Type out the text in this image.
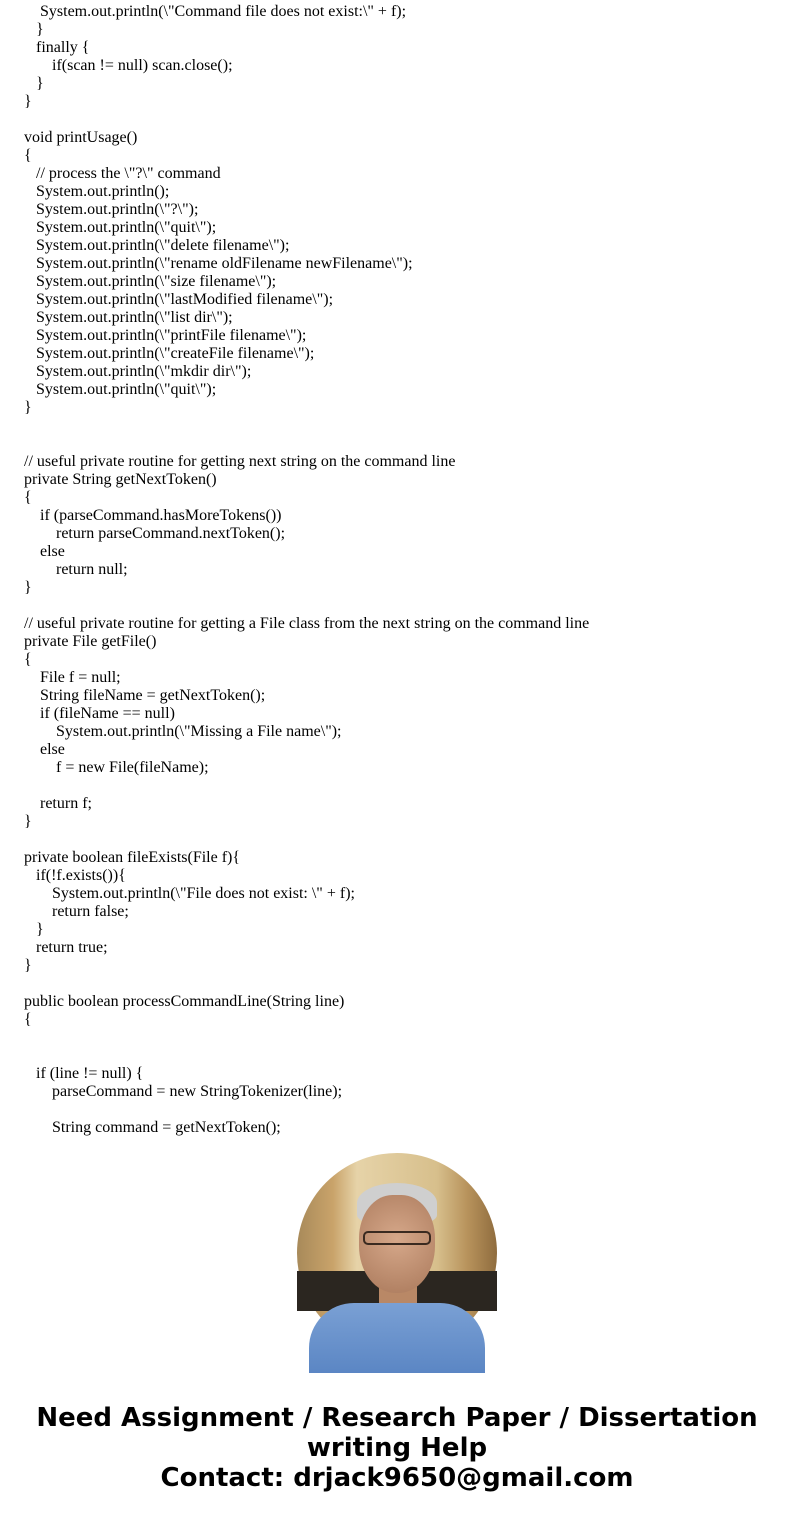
System.out.println(\"Command file does not exist:\" + f);
}
finally {
if(scan != null) scan.close();
}
}
void printUsage()
{
// process the \"?\" command
System.out.println();
System.out.println(\"?\");
System.out.println(\"quit\");
System.out.println(\"delete filename\");
System.out.println(\"rename oldFilename newFilename\");
System.out.println(\"size filename\");
System.out.println(\"lastModified filename\");
System.out.println(\"list dir\");
System.out.println(\"printFile filename\");
System.out.println(\"createFile filename\");
System.out.println(\"mkdir dir\");
System.out.println(\"quit\");
}
// useful private routine for getting next string on the command line
private String getNextToken()
{
if (parseCommand.hasMoreTokens())
return parseCommand.nextToken();
else
return null;
}
// useful private routine for getting a File class from the next string on the command line
private File getFile()
{
File f = null;
String fileName = getNextToken();
if (fileName == null)
System.out.println(\"Missing a File name\");
else
f = new File(fileName);
return f;
}
private boolean fileExists(File f){
if(!f.exists()){
System.out.println(\"File does not exist: \" + f);
return false;
}
return true;
}
public boolean processCommandLine(String line)
{
if (line != null) {
parseCommand = new StringTokenizer(line);
String command = getNextToken();
Need Assignment / Research Paper / Dissertation
writing Help
Contact: drjack9650@gmail.com
